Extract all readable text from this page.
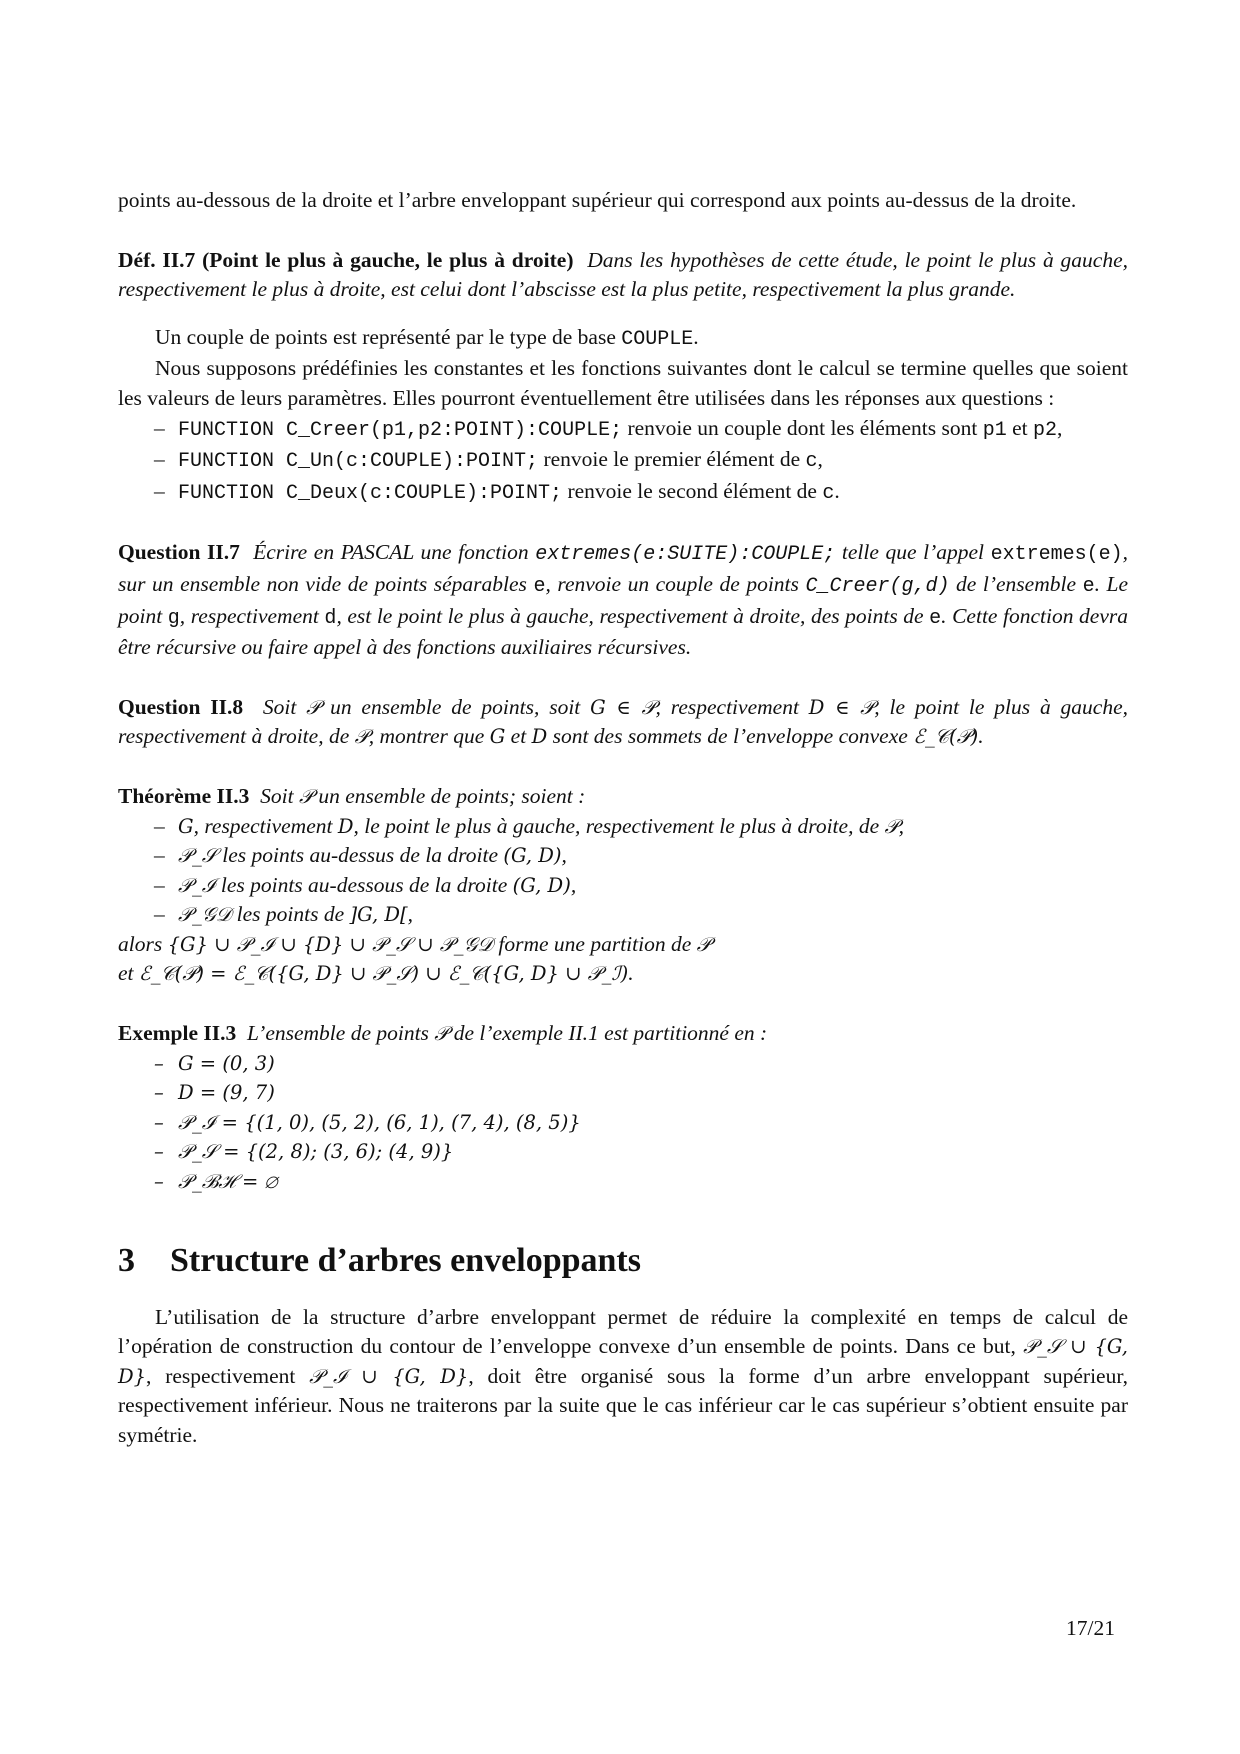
points au-dessous de la droite et l’arbre enveloppant supérieur qui correspond aux points au-dessus de la droite.

Déf. II.7 (Point le plus à gauche, le plus à droite) Dans les hypothèses de cette étude, le point le plus à gauche, respectivement le plus à droite, est celui dont l’abscisse est la plus petite, respectivement la plus grande.

Un couple de points est représenté par le type de base COUPLE.

Nous supposons prédéfinies les constantes et les fonctions suivantes dont le calcul se termine quelles que soient les valeurs de leurs paramètres. Elles pourront éventuellement être utilisées dans les réponses aux questions :

– FUNCTION C_Creer(p1,p2:POINT):COUPLE; renvoie un couple dont les éléments sont p1 et p2,
– FUNCTION C_Un(c:COUPLE):POINT; renvoie le premier élément de c,
– FUNCTION C_Deux(c:COUPLE):POINT; renvoie le second élément de c.

Question II.7 Écrire en PASCAL une fonction extremes(e:SUITE):COUPLE; telle que l’appel extremes(e), sur un ensemble non vide de points séparables e, renvoie un couple de points C_Creer(g,d) de l’ensemble e. Le point g, respectivement d, est le point le plus à gauche, respectivement à droite, des points de e. Cette fonction devra être récursive ou faire appel à des fonctions auxiliaires récursives.

Question II.8 Soit 𝒫 un ensemble de points, soit G ∈ 𝒫, respectivement D ∈ 𝒫, le point le plus à gauche, respectivement à droite, de 𝒫, montrer que G et D sont des sommets de l’enveloppe convexe ℰ_𝒞(𝒫).

Théorème II.3 Soit 𝒫 un ensemble de points; soient :

– G, respectivement D, le point le plus à gauche, respectivement le plus à droite, de 𝒫,
– 𝒫_𝒮 les points au-dessus de la droite (G, D),
– 𝒫_ℐ les points au-dessous de la droite (G, D),
– 𝒫_𝒢𝒟 les points de ]G, D[,

alors {G} ∪ 𝒫_ℐ ∪ {D} ∪ 𝒫_𝒮 ∪ 𝒫_𝒢𝒟 forme une partition de 𝒫

et ℰ_𝒞(𝒫) = ℰ_𝒞({G, D} ∪ 𝒫_𝒮) ∪ ℰ_𝒞({G, D} ∪ 𝒫_ℐ).

Exemple II.3 L’ensemble de points 𝒫 de l’exemple II.1 est partitionné en :

– G = (0, 3)
– D = (9, 7)
– 𝒫_ℐ = {(1, 0), (5, 2), (6, 1), (7, 4), (8, 5)}
– 𝒫_𝒮 = {(2, 8); (3, 6); (4, 9)}
– 𝒫_ℬℋ = ∅
3 Structure d’arbres enveloppants

L’utilisation de la structure d’arbre enveloppant permet de réduire la complexité en temps de calcul de l’opération de construction du contour de l’enveloppe convexe d’un ensemble de points. Dans ce but, 𝒫_𝒮 ∪ {G, D}, respectivement 𝒫_ℐ ∪ {G, D}, doit être organisé sous la forme d’un arbre enveloppant supérieur, respectivement inférieur. Nous ne traiterons par la suite que le cas inférieur car le cas supérieur s’obtient ensuite par symétrie.

17/21
